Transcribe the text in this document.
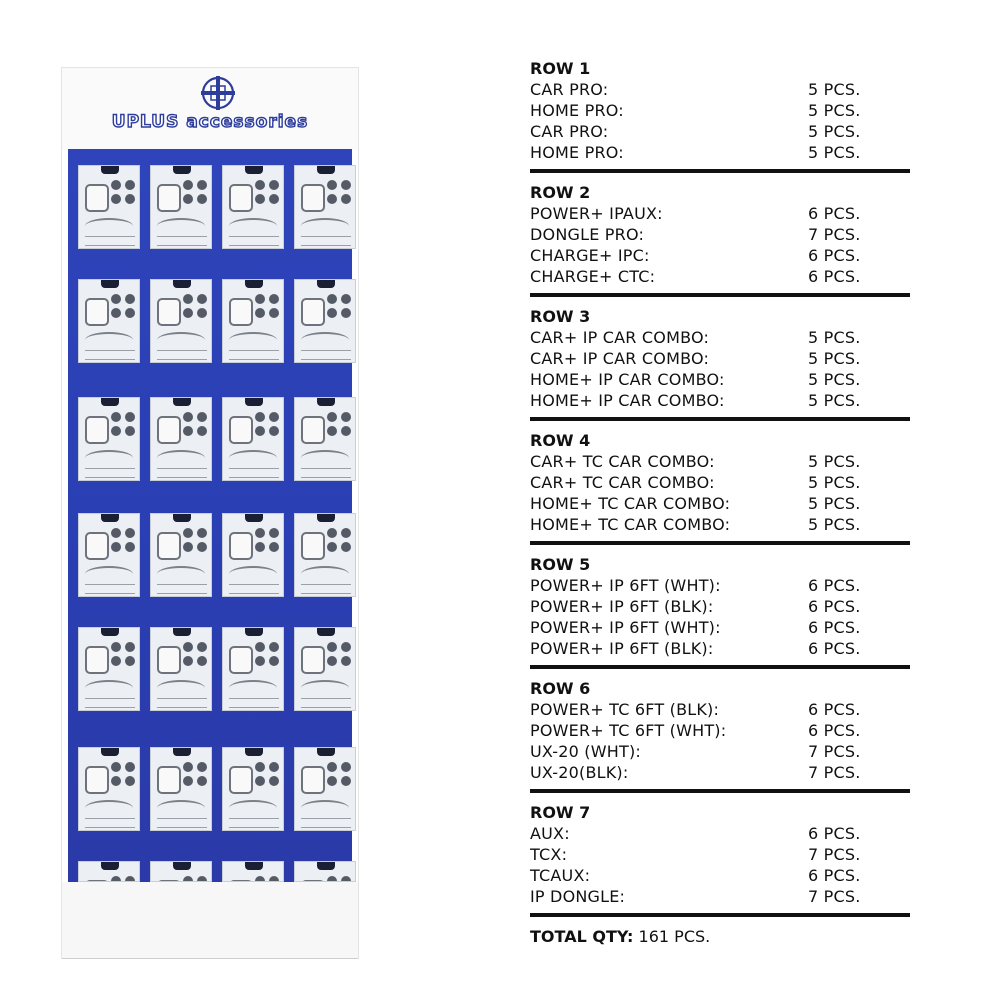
UPLUS accessories
ROW 1
CAR PRO:	5 PCS.
HOME PRO:	5 PCS.
CAR PRO:	5 PCS.
HOME PRO:	5 PCS.
ROW 2
POWER+ IPAUX:	6 PCS.
DONGLE PRO:	7 PCS.
CHARGE+ IPC:	6 PCS.
CHARGE+ CTC:	6 PCS.
ROW 3
CAR+ IP CAR COMBO:	5 PCS.
CAR+ IP CAR COMBO:	5 PCS.
HOME+ IP CAR COMBO:	5 PCS.
HOME+ IP CAR COMBO:	5 PCS.
ROW 4
CAR+ TC CAR COMBO:	5 PCS.
CAR+ TC CAR COMBO:	5 PCS.
HOME+ TC CAR COMBO:	5 PCS.
HOME+ TC CAR COMBO:	5 PCS.
ROW 5
POWER+ IP 6FT (WHT):	6 PCS.
POWER+ IP 6FT (BLK):	6 PCS.
POWER+ IP 6FT (WHT):	6 PCS.
POWER+ IP 6FT (BLK):	6 PCS.
ROW 6
POWER+ TC 6FT (BLK):	6 PCS.
POWER+ TC 6FT (WHT):	6 PCS.
UX-20 (WHT):	7 PCS.
UX-20(BLK):	7 PCS.
ROW 7
AUX:	6 PCS.
TCX:	7 PCS.
TCAUX:	6 PCS.
IP DONGLE:	7 PCS.
TOTAL QTY: 161 PCS.
